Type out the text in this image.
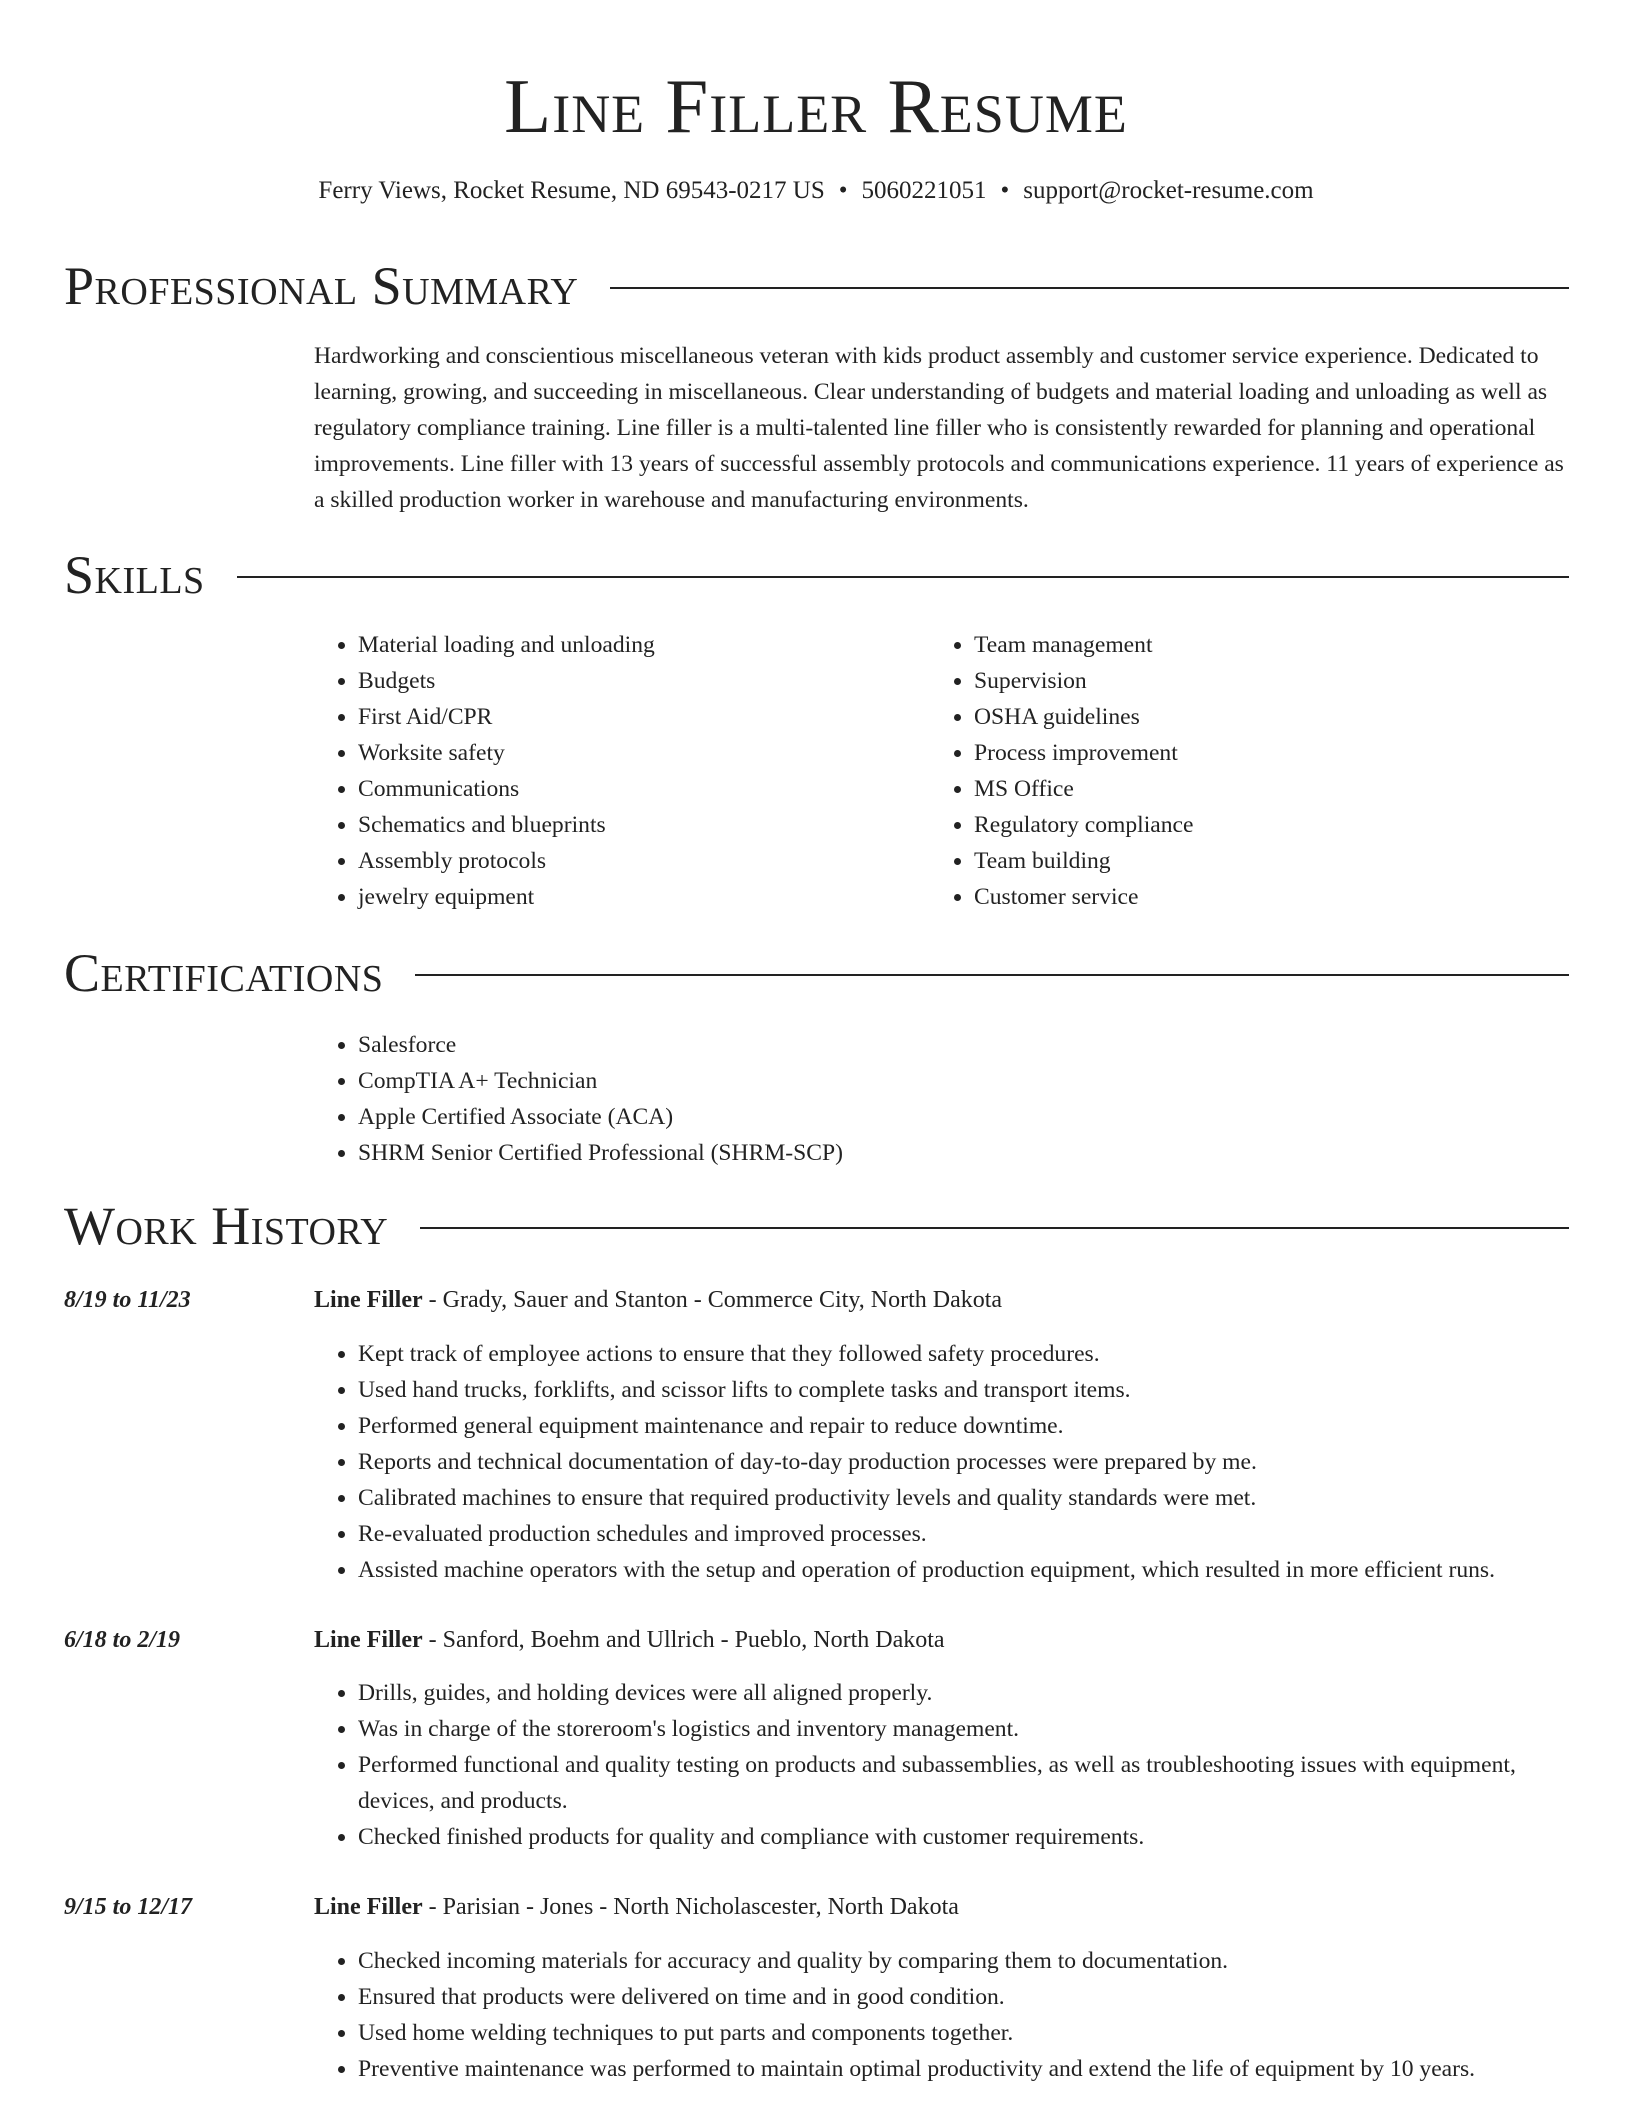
Line Filler Resume

Ferry Views, Rocket Resume, ND 69543-0217 US • 5060221051 • support@rocket-resume.com

Professional Summary

Hardworking and conscientious miscellaneous veteran with kids product assembly and customer service experience. Dedicated to learning, growing, and succeeding in miscellaneous. Clear understanding of budgets and material loading and unloading as well as regulatory compliance training. Line filler is a multi-talented line filler who is consistently rewarded for planning and operational improvements. Line filler with 13 years of successful assembly protocols and communications experience. 11 years of experience as a skilled production worker in warehouse and manufacturing environments.

Skills
• Material loading and unloading
• Budgets
• First Aid/CPR
• Worksite safety
• Communications
• Schematics and blueprints
• Assembly protocols
• jewelry equipment
• Team management
• Supervision
• OSHA guidelines
• Process improvement
• MS Office
• Regulatory compliance
• Team building
• Customer service
Certifications
• Salesforce
• CompTIA A+ Technician
• Apple Certified Associate (ACA)
• SHRM Senior Certified Professional (SHRM-SCP)
Work History
8/19 to 11/23	Line Filler - Grady, Sauer and Stanton - Commerce City, North Dakota
• Kept track of employee actions to ensure that they followed safety procedures.
• Used hand trucks, forklifts, and scissor lifts to complete tasks and transport items.
• Performed general equipment maintenance and repair to reduce downtime.
• Reports and technical documentation of day-to-day production processes were prepared by me.
• Calibrated machines to ensure that required productivity levels and quality standards were met.
• Re-evaluated production schedules and improved processes.
• Assisted machine operators with the setup and operation of production equipment, which resulted in more efficient runs.
6/18 to 2/19	Line Filler - Sanford, Boehm and Ullrich - Pueblo, North Dakota
• Drills, guides, and holding devices were all aligned properly.
• Was in charge of the storeroom's logistics and inventory management.
• Performed functional and quality testing on products and subassemblies, as well as troubleshooting issues with equipment, devices, and products.
• Checked finished products for quality and compliance with customer requirements.
9/15 to 12/17	Line Filler - Parisian - Jones - North Nicholascester, North Dakota
• Checked incoming materials for accuracy and quality by comparing them to documentation.
• Ensured that products were delivered on time and in good condition.
• Used home welding techniques to put parts and components together.
• Preventive maintenance was performed to maintain optimal productivity and extend the life of equipment by 10 years.
